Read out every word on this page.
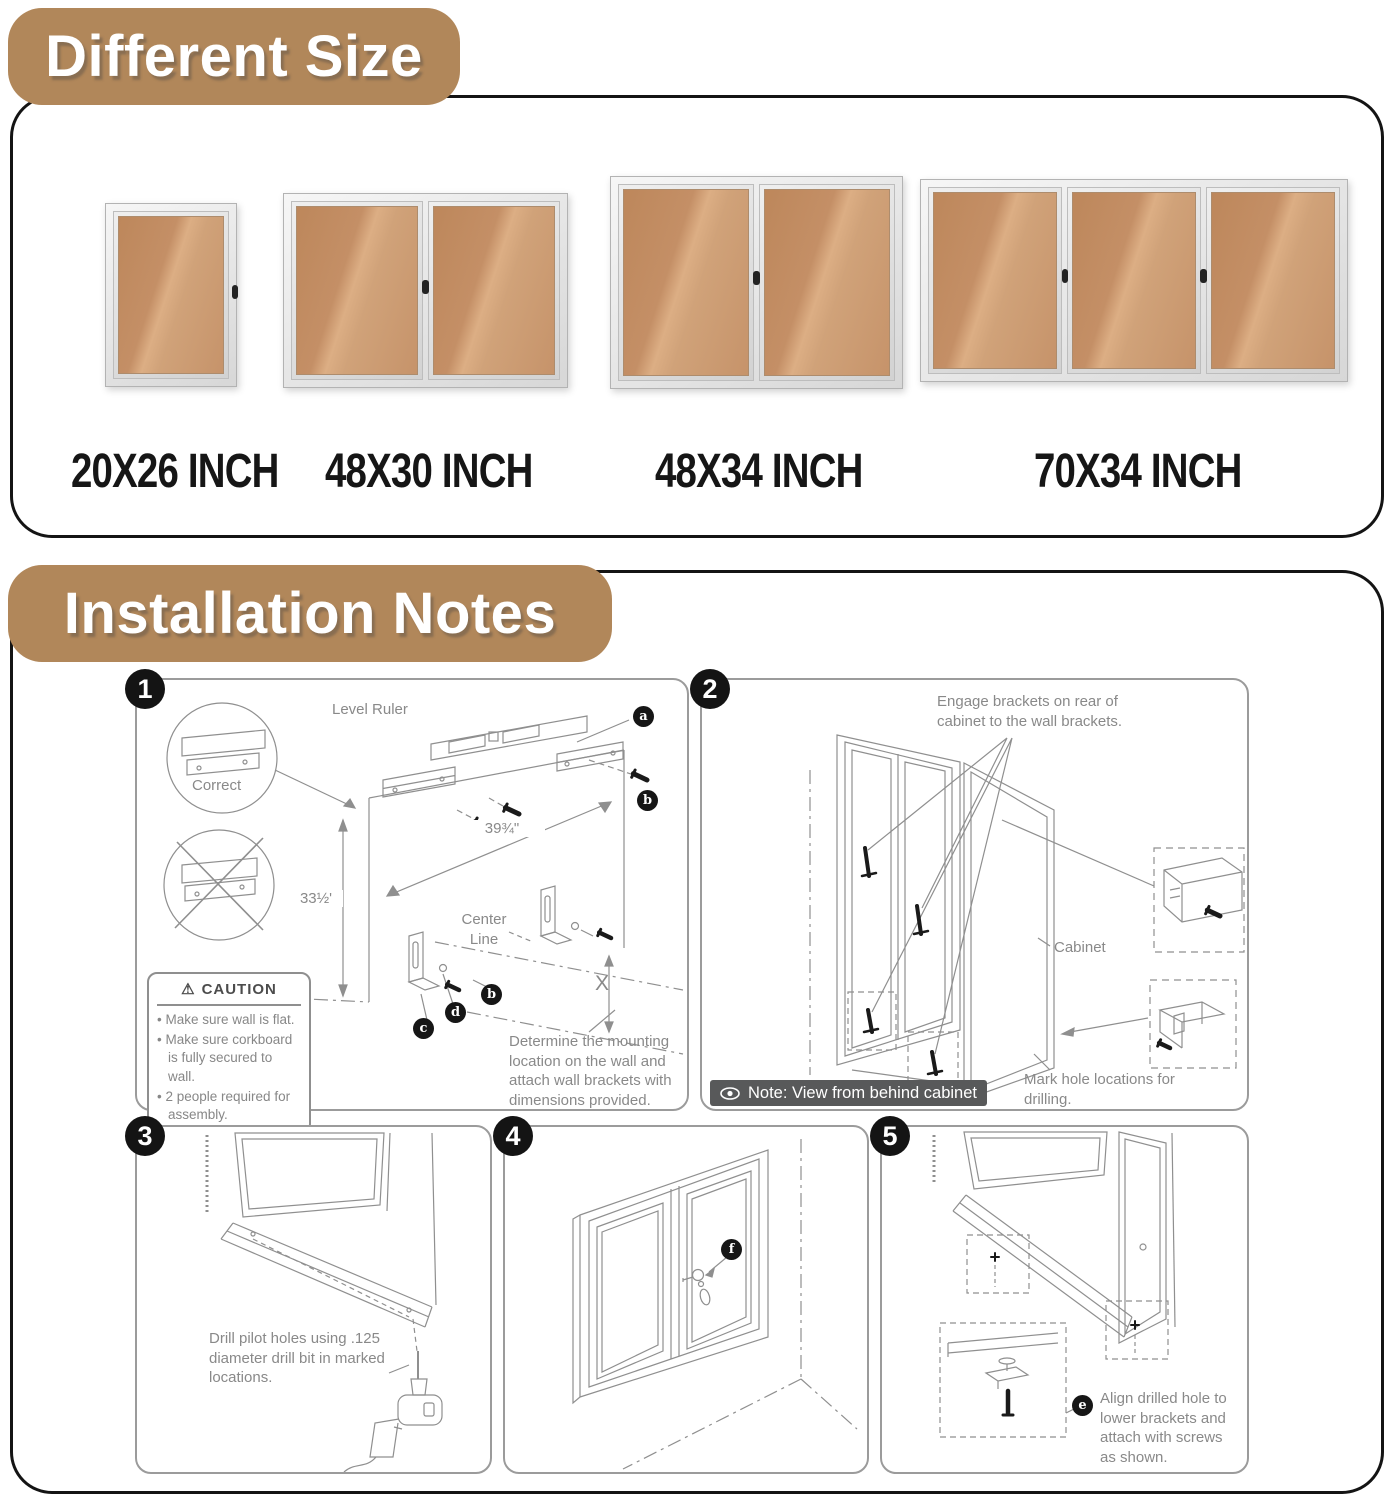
Different Size
20X26 INCH 48X30 INCH	48X34 INCH	70X34 INCH
Installation Notes
1
Level Ruler
Correct
39¾"
33½'
Center Line
X
a
b
c
d
b
⚠ CAUTION
• Make sure wall is flat.
• Make sure corkboard is fully secured to wall.
• 2 people required for assembly.
Determine the mounting location on the wall and attach wall brackets with dimensions provided.
2	Engage brackets on rear of cabinet to the wall brackets.
Cabinet
Mark hole locations for drilling.
Note: View from behind cabinet
3
Drill pilot holes using .125 diameter drill bit in marked locations.
4
f
5
e Align drilled hole to lower brackets and attach with screws as shown.
